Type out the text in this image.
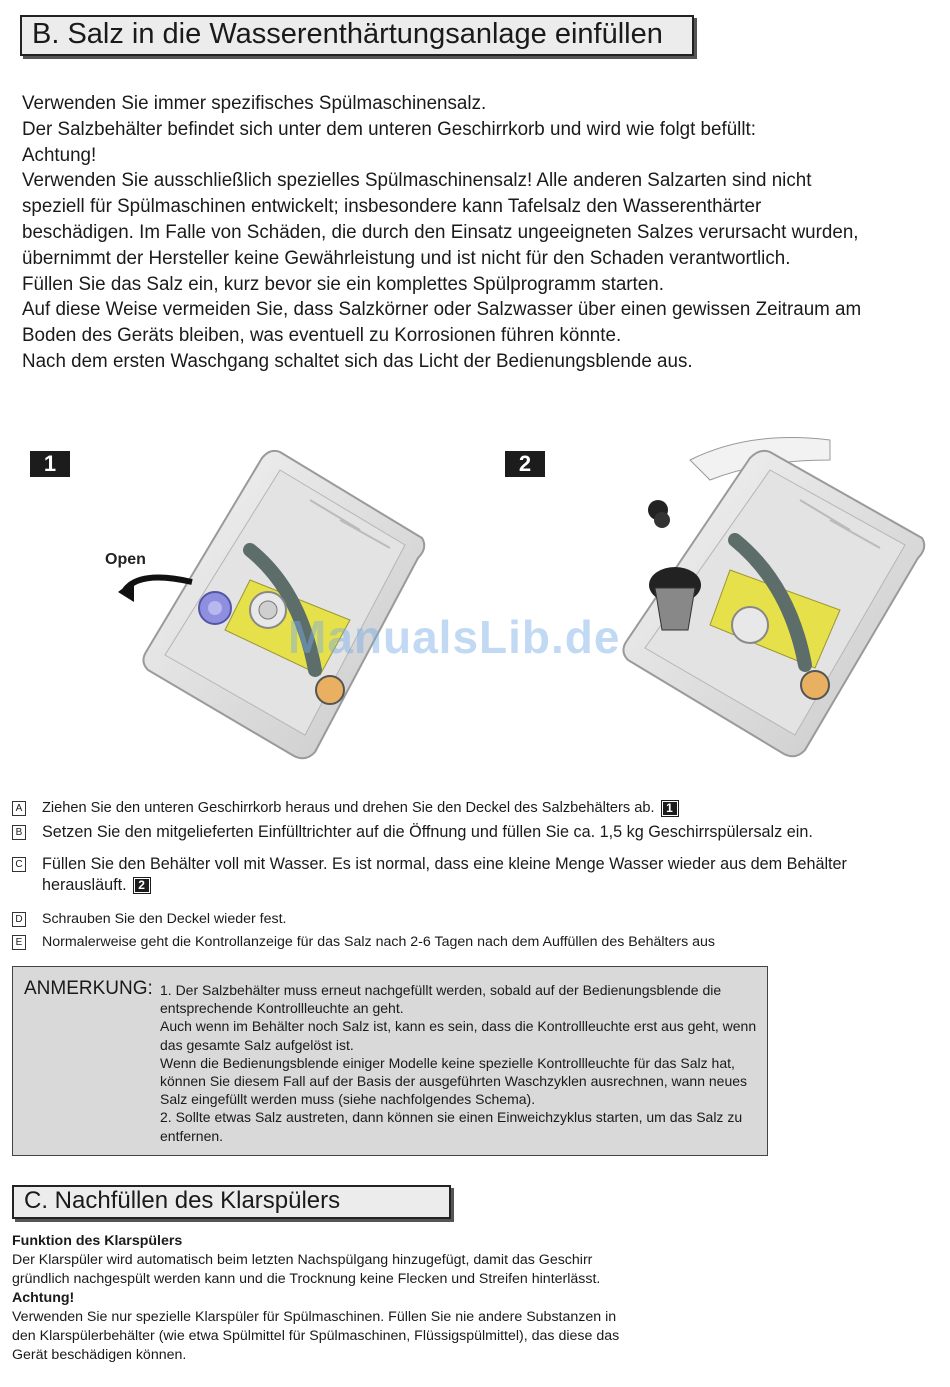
B. Salz in die Wasserenthärtungsanlage einfüllen

Verwenden Sie immer spezifisches Spülmaschinensalz.

Der Salzbehälter befindet sich unter dem unteren Geschirrkorb und wird wie folgt befüllt:

Achtung!

Verwenden Sie ausschließlich spezielles Spülmaschinensalz! Alle anderen Salzarten sind nicht speziell für Spülmaschinen entwickelt; insbesondere kann Tafelsalz den Wasserenthärter beschädigen. Im Falle von Schäden, die durch den Einsatz ungeeigneten Salzes verursacht wurden, übernimmt der Hersteller keine Gewährleistung und ist nicht für den Schaden verantwortlich.

Füllen Sie das Salz ein, kurz bevor sie ein komplettes Spülprogramm starten.

Auf diese Weise vermeiden Sie, dass Salzkörner oder Salzwasser über einen gewissen Zeitraum am Boden des Geräts bleiben, was eventuell zu Korrosionen führen könnte.

Nach dem ersten Waschgang schaltet sich das Licht der Bedienungsblende aus.

1
Open
2
ManualsLib.de
A Ziehen Sie den unteren Geschirrkorb heraus und drehen Sie den Deckel des Salzbehälters ab. 1
B Setzen Sie den mitgelieferten Einfülltrichter auf die Öffnung und füllen Sie ca. 1,5 kg Geschirrspülersalz ein.
C Füllen Sie den Behälter voll mit Wasser. Es ist normal, dass eine kleine Menge Wasser wieder aus dem Behälter herausläuft. 2
D Schrauben Sie den Deckel wieder fest.
E Normalerweise geht die Kontrollanzeige für das Salz nach 2-6 Tagen nach dem Auffüllen des Behälters aus
ANMERKUNG: 1. Der Salzbehälter muss erneut nachgefüllt werden, sobald auf der Bedienungsblende die entsprechende Kontrollleuchte an geht.

Auch wenn im Behälter noch Salz ist, kann es sein, dass die Kontrollleuchte erst aus geht, wenn das gesamte Salz aufgelöst ist.

Wenn die Bedienungsblende einiger Modelle keine spezielle Kontrollleuchte für das Salz hat, können Sie diesem Fall auf der Basis der ausgeführten Waschzyklen ausrechnen, wann neues Salz eingefüllt werden muss (siehe nachfolgendes Schema).

2. Sollte etwas Salz austreten, dann können sie einen Einweichzyklus starten, um das Salz zu entfernen.

C. Nachfüllen des Klarspülers

Funktion des Klarspülers

Der Klarspüler wird automatisch beim letzten Nachspülgang hinzugefügt, damit das Geschirr gründlich nachgespült werden kann und die Trocknung keine Flecken und Streifen hinterlässt.

Achtung!

Verwenden Sie nur spezielle Klarspüler für Spülmaschinen. Füllen Sie nie andere Substanzen in den Klarspülerbehälter (wie etwa Spülmittel für Spülmaschinen, Flüssigspülmittel), das diese das Gerät beschädigen können.
